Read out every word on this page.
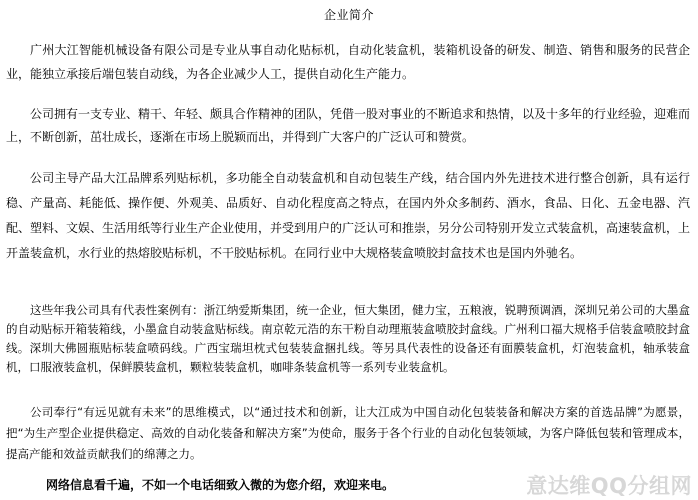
企业简介

广州大江智能机械设备有限公司是专业从事自动化贴标机，自动化装盒机，装箱机设备的研发、制造、销售和服务的民营企业，能独立承接后端包装自动线，为各企业减少人工，提供自动化生产能力。

公司拥有一支专业、精干、年轻、颇具合作精神的团队，凭借一股对事业的不断追求和热情，以及十多年的行业经验，迎难而上，不断创新，茁壮成长，逐渐在市场上脱颖而出，并得到广大客户的广泛认可和赞赏。

公司主导产品大江品牌系列贴标机，多功能全自动装盒机和自动包装生产线，结合国内外先进技术进行整合创新，具有运行稳、产量高、耗能低、操作便、外观美、品质好、自动化程度高之特点，在国内外众多制药、酒水，食品、日化、五金电器、汽配、塑料、文娱、生活用纸等行业生产企业使用，并受到用户的广泛认可和推崇，另分公司特别开发立式装盒机，高速装盒机，上开盖装盒机，水行业的热熔胶贴标机，不干胶贴标机。在同行业中大规格装盒喷胶封盒技术也是国内外驰名。

这些年我公司具有代表性案例有：浙江纳爱斯集团，统一企业，恒大集团，健力宝，五粮液，锐聘预调酒，深圳兄弟公司的大墨盒的自动贴标开箱装箱线，小墨盒自动装盒贴标线。南京乾元浩的东干粉自动理瓶装盒喷胶封盒线。广州利口福大规格手信装盒喷胶封盒线。深圳大佛圆瓶贴标装盒喷码线。广西宝瑞坦枕式包装装盒捆扎线。等另具代表性的设备还有面膜装盒机，灯泡装盒机，轴承装盒机，口服液装盒机，保鲜膜装盒机，颗粒装装盒机，咖啡条装盒机等一系列专业装盒机。

公司奉行“有远见就有未来”的思维模式，以“通过技术和创新，让大江成为中国自动化包装装备和解决方案的首选品牌”为愿景，把“为生产型企业提供稳定、高效的自动化装备和解决方案”为使命，服务于各个行业的自动化包装领域，为客户降低包装和管理成本，提高产能和效益贡献我们的绵薄之力。

网络信息看千遍，不如一个电话细致入微的为您介绍，欢迎来电。	意达维QQ分组网
